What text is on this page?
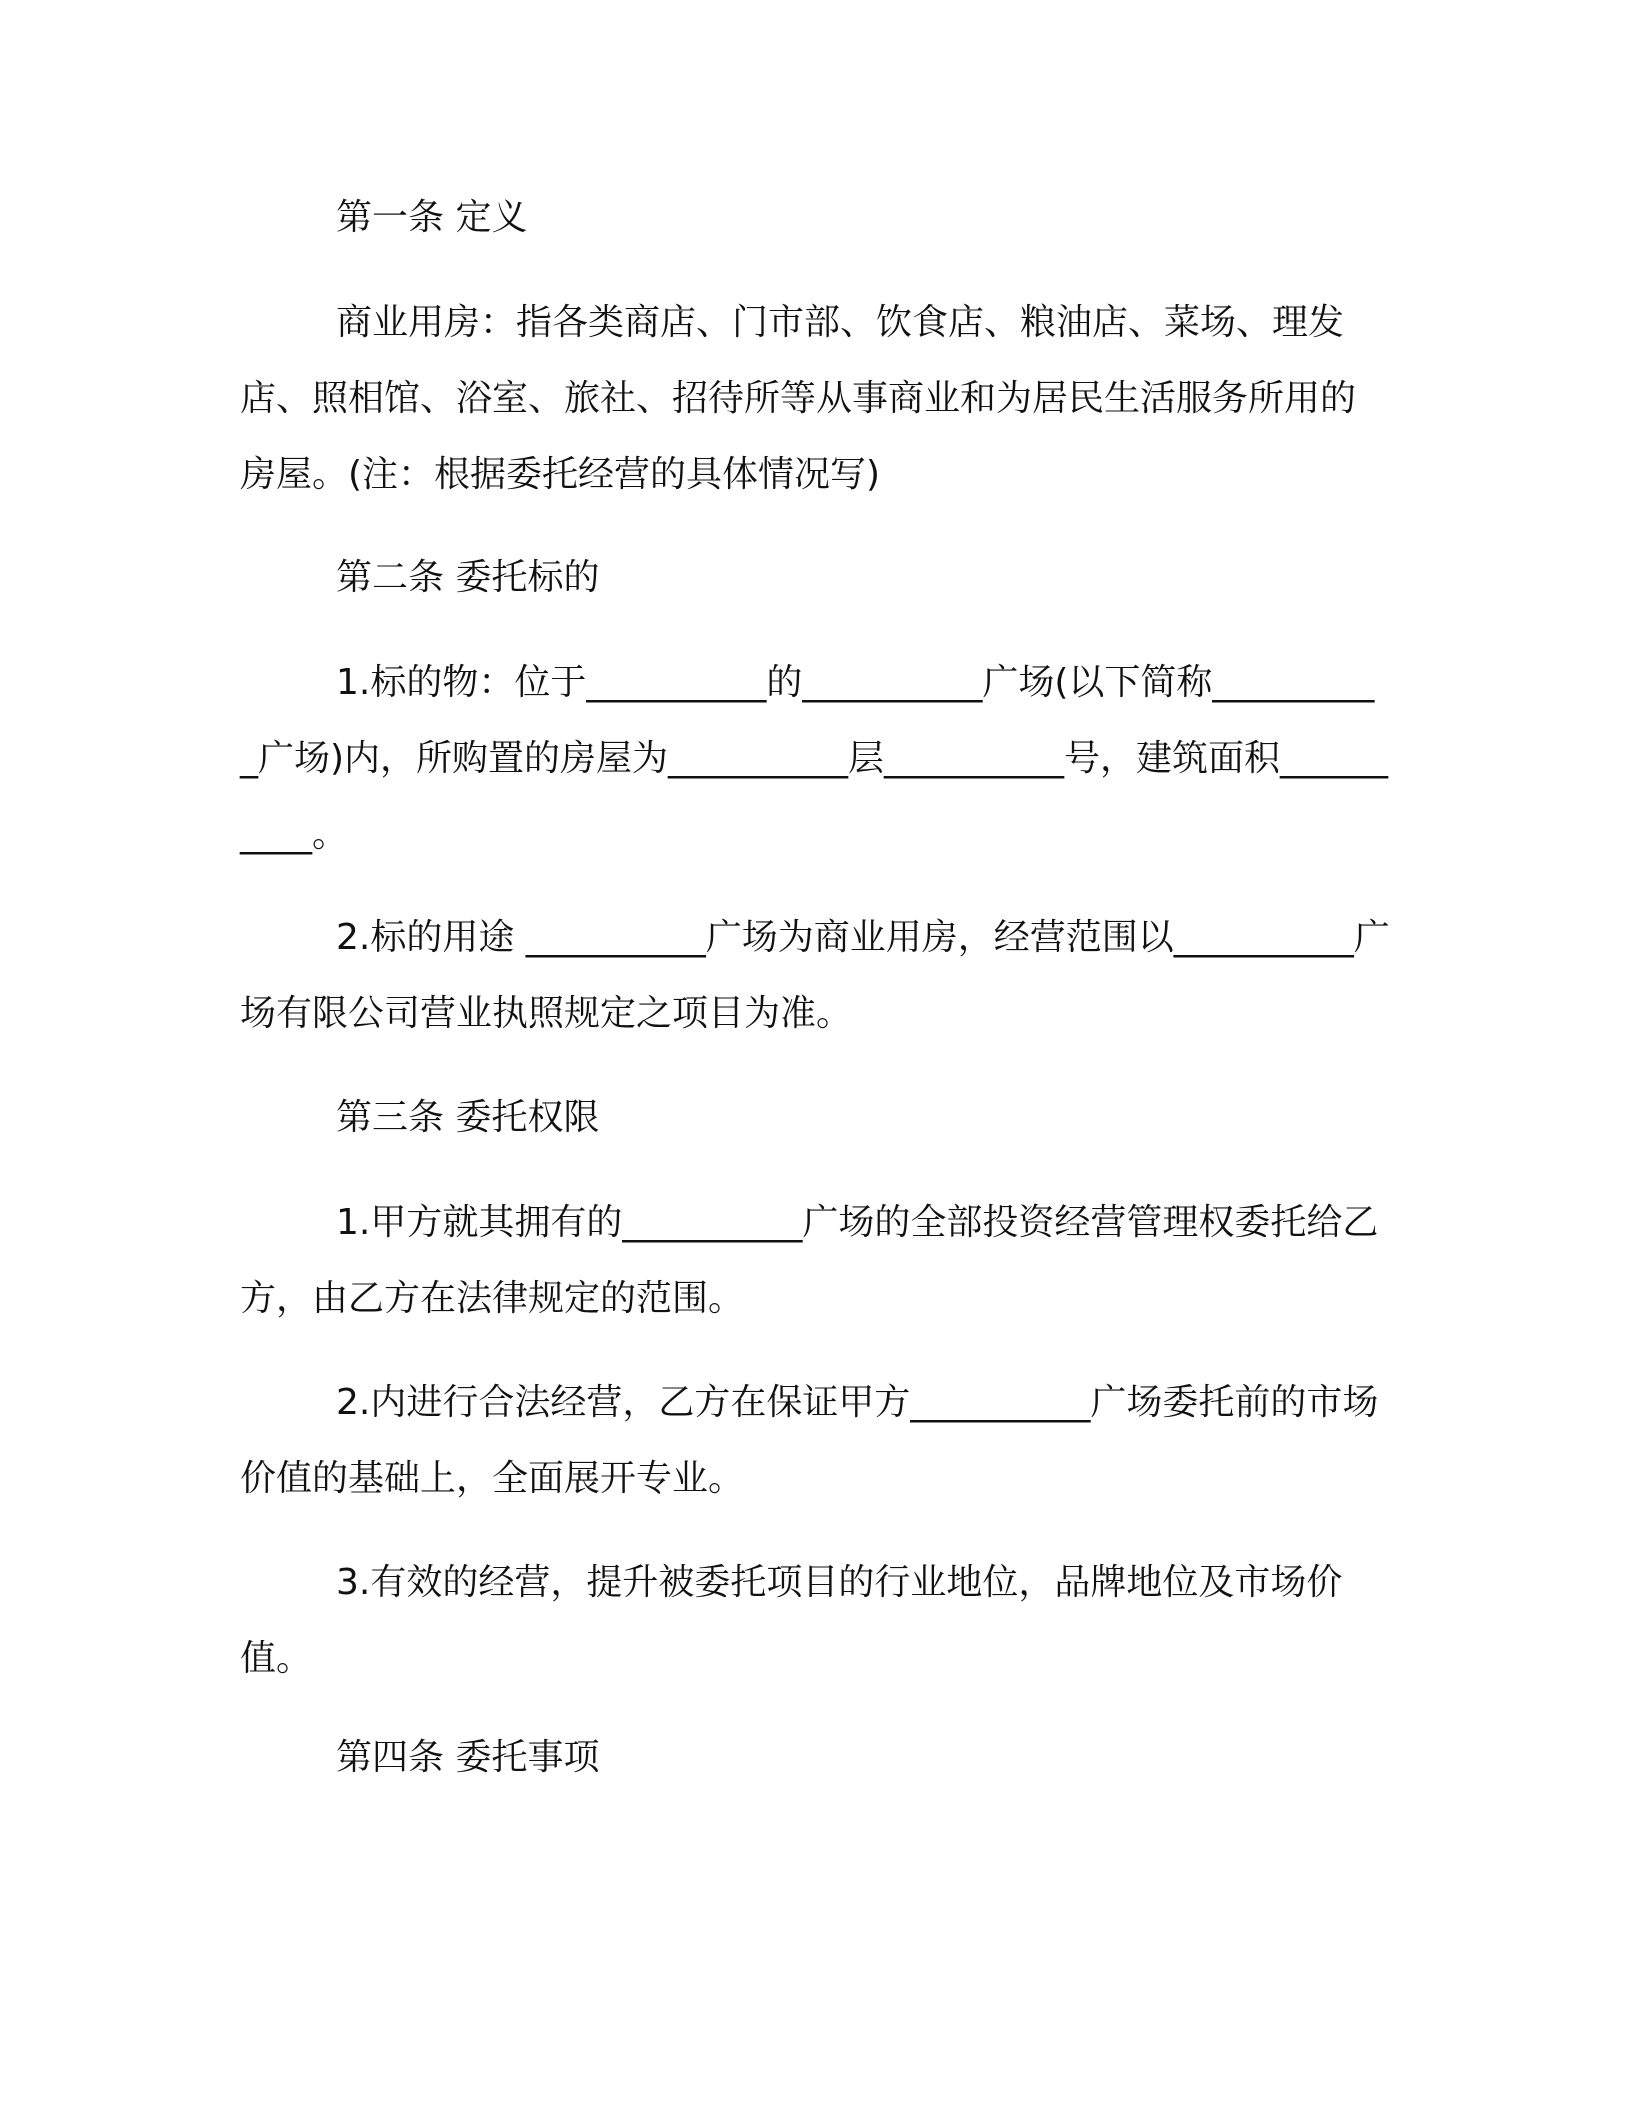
第一条 定义

商业用房：指各类商店、门市部、饮食店、粮油店、菜场、理发店、照相馆、浴室、旅社、招待所等从事商业和为居民生活服务所用的房屋。(注：根据委托经营的具体情况写)

第二条 委托标的

1.标的物：位于__________的__________广场(以下简称__________广场)内，所购置的房屋为__________层__________号，建筑面积__________。

2.标的用途 __________广场为商业用房，经营范围以__________广场有限公司营业执照规定之项目为准。

第三条 委托权限

1.甲方就其拥有的__________广场的全部投资经营管理权委托给乙方，由乙方在法律规定的范围。

2.内进行合法经营，乙方在保证甲方__________广场委托前的市场价值的基础上，全面展开专业。

3.有效的经营，提升被委托项目的行业地位，品牌地位及市场价值。

第四条 委托事项
